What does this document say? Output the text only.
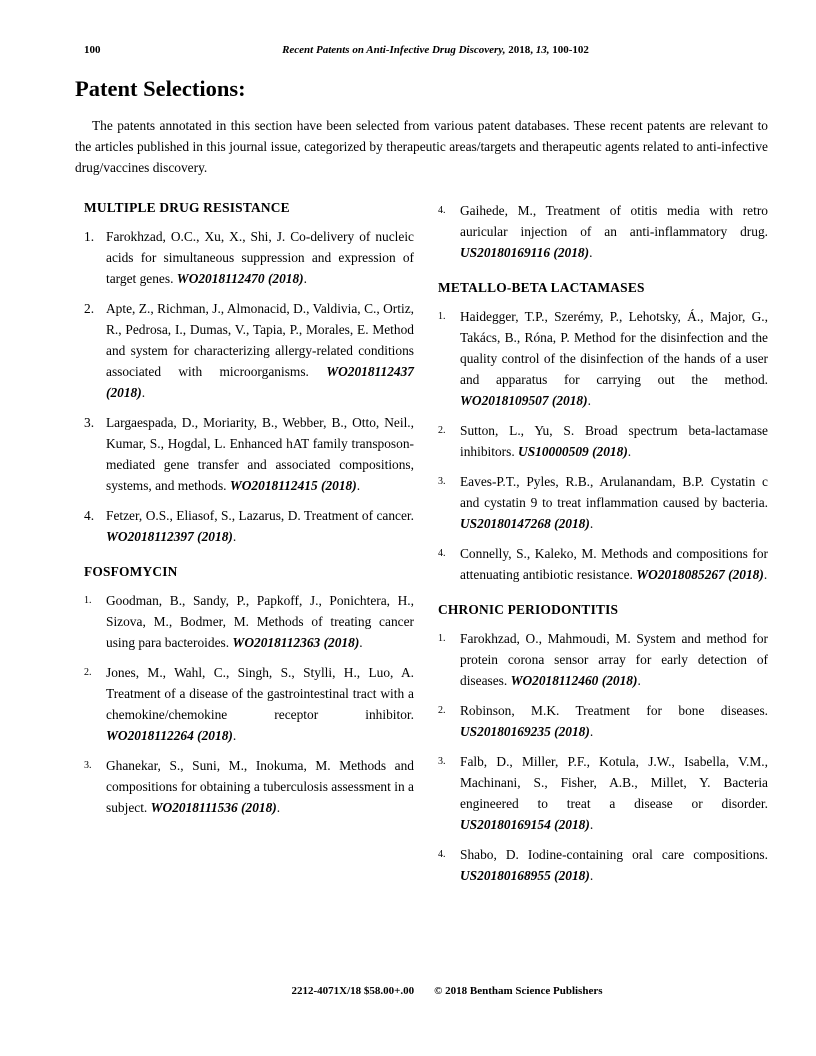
100	Recent Patents on Anti-Infective Drug Discovery, 2018, 13, 100-102
Patent Selections:

The patents annotated in this section have been selected from various patent databases. These recent patents are relevant to the articles published in this journal issue, categorized by therapeutic areas/targets and therapeutic agents related to anti-infective drug/vaccines discovery.

MULTIPLE DRUG RESISTANCE
1. Farokhzad, O.C., Xu, X., Shi, J. Co-delivery of nucleic acids for simultaneous suppression and expression of target genes. WO2018112470 (2018).
2. Apte, Z., Richman, J., Almonacid, D., Valdivia, C., Ortiz, R., Pedrosa, I., Dumas, V., Tapia, P., Morales, E. Method and system for characterizing allergy-related conditions associated with microorganisms. WO2018112437 (2018).
3. Largaespada, D., Moriarity, B., Webber, B., Otto, Neil., Kumar, S., Hogdal, L. Enhanced hAT family transposon-mediated gene transfer and associated compositions, systems, and methods. WO2018112415 (2018).
4. Fetzer, O.S., Eliasof, S., Lazarus, D. Treatment of cancer. WO2018112397 (2018).
FOSFOMYCIN
1.	Goodman, B., Sandy, P., Papkoff, J., Ponichtera, H., Sizova, M., Bodmer, M. Methods of treating cancer using para bacteroides. WO2018112363 (2018).
2.	Jones, M., Wahl, C., Singh, S., Stylli, H., Luo, A. Treatment of a disease of the gastrointestinal tract with a chemokine/chemokine receptor inhibitor. WO2018112264 (2018).
3.	Ghanekar, S., Suni, M., Inokuma, M. Methods and compositions for obtaining a tuberculosis assessment in a subject. WO2018111536 (2018).
4.	Gaihede, M., Treatment of otitis media with retro auricular injection of an anti-inflammatory drug. US20180169116 (2018).
METALLO-BETA LACTAMASES
1.	Haidegger, T.P., Szerémy, P., Lehotsky, Á., Major, G., Takács, B., Róna, P. Method for the disinfection and the quality control of the disinfection of the hands of a user and apparatus for carrying out the method. WO2018109507 (2018).
2.	Sutton, L., Yu, S. Broad spectrum beta-lactamase inhibitors. US10000509 (2018).
3.	Eaves-P.T., Pyles, R.B., Arulanandam, B.P. Cystatin c and cystatin 9 to treat inflammation caused by bacteria. US20180147268 (2018).
4.	Connelly, S., Kaleko, M. Methods and compositions for attenuating antibiotic resistance. WO2018085267 (2018).
CHRONIC PERIODONTITIS
1.	Farokhzad, O., Mahmoudi, M. System and method for protein corona sensor array for early detection of diseases. WO2018112460 (2018).
2.	Robinson, M.K. Treatment for bone diseases. US20180169235 (2018).
3.	Falb, D., Miller, P.F., Kotula, J.W., Isabella, V.M., Machinani, S., Fisher, A.B., Millet, Y. Bacteria engineered to treat a disease or disorder. US20180169154 (2018).
4.	Shabo, D. Iodine-containing oral care compositions. US20180168955 (2018).
2212-4071X/18 $58.00+.00 © 2018 Bentham Science Publishers
